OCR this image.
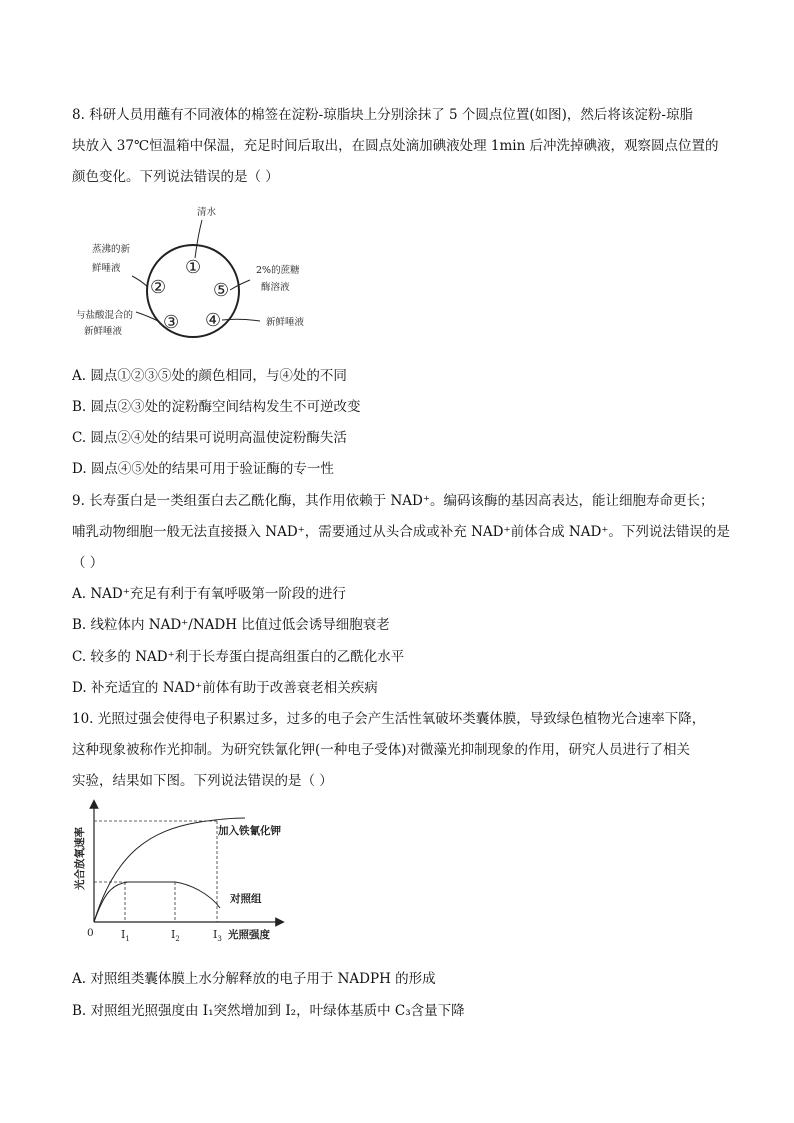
8. 科研人员用蘸有不同液体的棉签在淀粉-琼脂块上分别涂抹了 5 个圆点位置(如图)，然后将该淀粉-琼脂
块放入 37℃恒温箱中保温，充足时间后取出，在圆点处滴加碘液处理 1min 后冲洗掉碘液，观察圆点位置的
颜色变化。下列说法错误的是（ ）
①
②
③ ④
⑤
清水
蒸沸的新
鲜唾液
与盐酸混合的
新鲜唾液
新鲜唾液
2%的蔗糖
酶溶液
A. 圆点①②③⑤处的颜色相同，与④处的不同
B. 圆点②③处的淀粉酶空间结构发生不可逆改变
C. 圆点②④处的结果可说明高温使淀粉酶失活
D. 圆点④⑤处的结果可用于验证酶的专一性
9. 长寿蛋白是一类组蛋白去乙酰化酶，其作用依赖于 NAD⁺。编码该酶的基因高表达，能让细胞寿命更长；
哺乳动物细胞一般无法直接摄入 NAD⁺，需要通过从头合成或补充 NAD⁺前体合成 NAD⁺。下列说法错误的是
（ ）
A. NAD⁺充足有利于有氧呼吸第一阶段的进行
B. 线粒体内 NAD⁺/NADH 比值过低会诱导细胞衰老
C. 较多的 NAD⁺利于长寿蛋白提高组蛋白的乙酰化水平
D. 补充适宜的 NAD⁺前体有助于改善衰老相关疾病
10. 光照过强会使得电子积累过多，过多的电子会产生活性氧破坏类囊体膜，导致绿色植物光合速率下降，
这种现象被称作光抑制。为研究铁氰化钾(一种电子受体)对微藻光抑制现象的作用，研究人员进行了相关
实验，结果如下图。下列说法错误的是（ ）
光合放氧速率	加入铁氰化钾
对照组
0 $I_1$	$I_2$	$I_3$ 光照强度
A. 对照组类囊体膜上水分解释放的电子用于 NADPH 的形成
B. 对照组光照强度由 I₁突然增加到 I₂，叶绿体基质中 C₃含量下降
